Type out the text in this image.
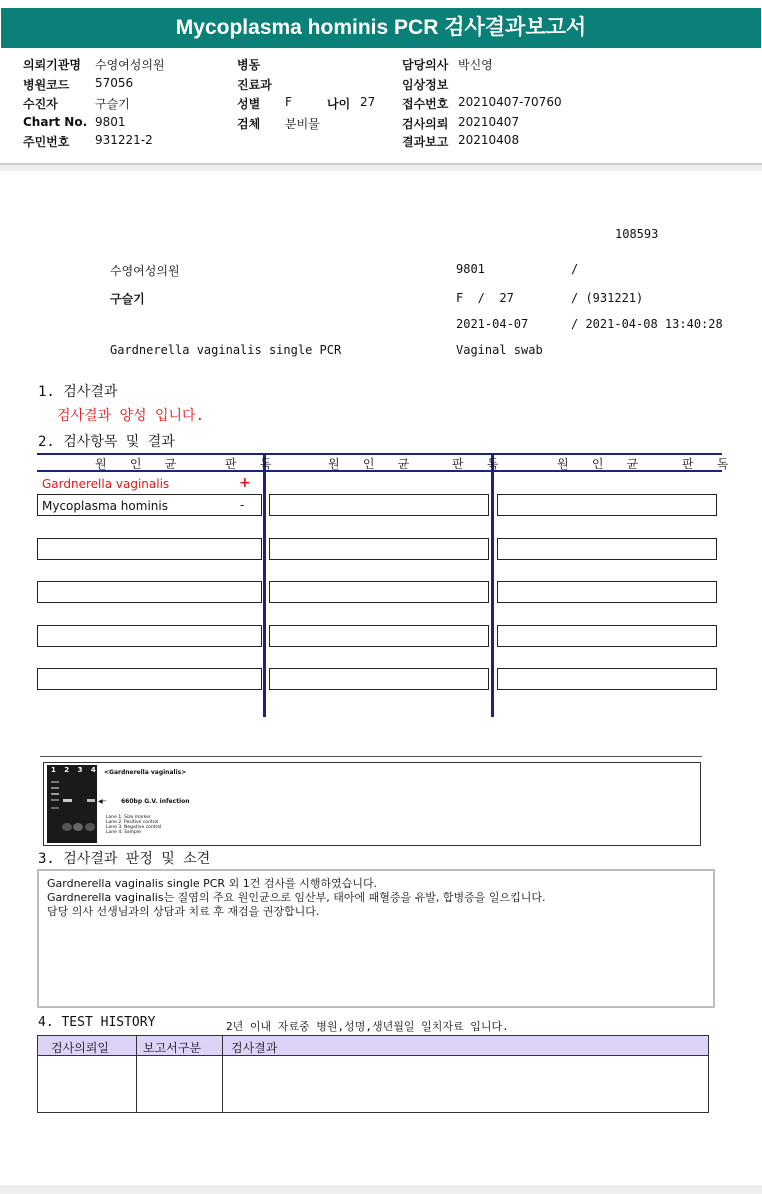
Mycoplasma hominis PCR 검사결과보고서
의뢰기관명 수영여성의원
병원코드 57056
수진자	구슬기
Chart No. 9801
주민번호 931221-2
병동
진료과
성별 F	나이 27
검체 분비물
담당의사 박신영
임상정보
접수번호 20210407-70760
검사의뢰 20210407
결과보고 20210408
108593
수영여성의원	9801	/
구슬기	F  /  27	/ (931221)
2021-04-07	/ 2021-04-08 13:40:28
Gardnerella vaginalis single PCR	Vaginal swab
1. 검사결과
검사결과 양성 입니다.
2. 검사항목 및 결과
원 인 균	판 독	원 인 균	판 독	원 인 균	판 독
Gardnerella vaginalis	+
Mycoplasma hominis	-
1 2 3 4 <Gardnerella vaginalis>
◀─ 660bp G.V. infection
Lane 1. Size marker
Lane 2. Positive control
Lane 3. Negative control
Lane 4. Sample
3. 검사결과 판정 및 소견
Gardnerella vaginalis single PCR 외 1건 검사를 시행하였습니다.
Gardnerella vaginalis는 질염의 주요 원인균으로 임산부, 태아에 패혈증을 유발, 합병증을 일으킵니다.
담당 의사 선생님과의 상담과 치료 후 재검을 권장합니다.
4. TEST HISTORY	2년 이내 자료중 병원,성명,생년월일 일치자료 입니다.
검사의뢰일	보고서구분	검사결과
